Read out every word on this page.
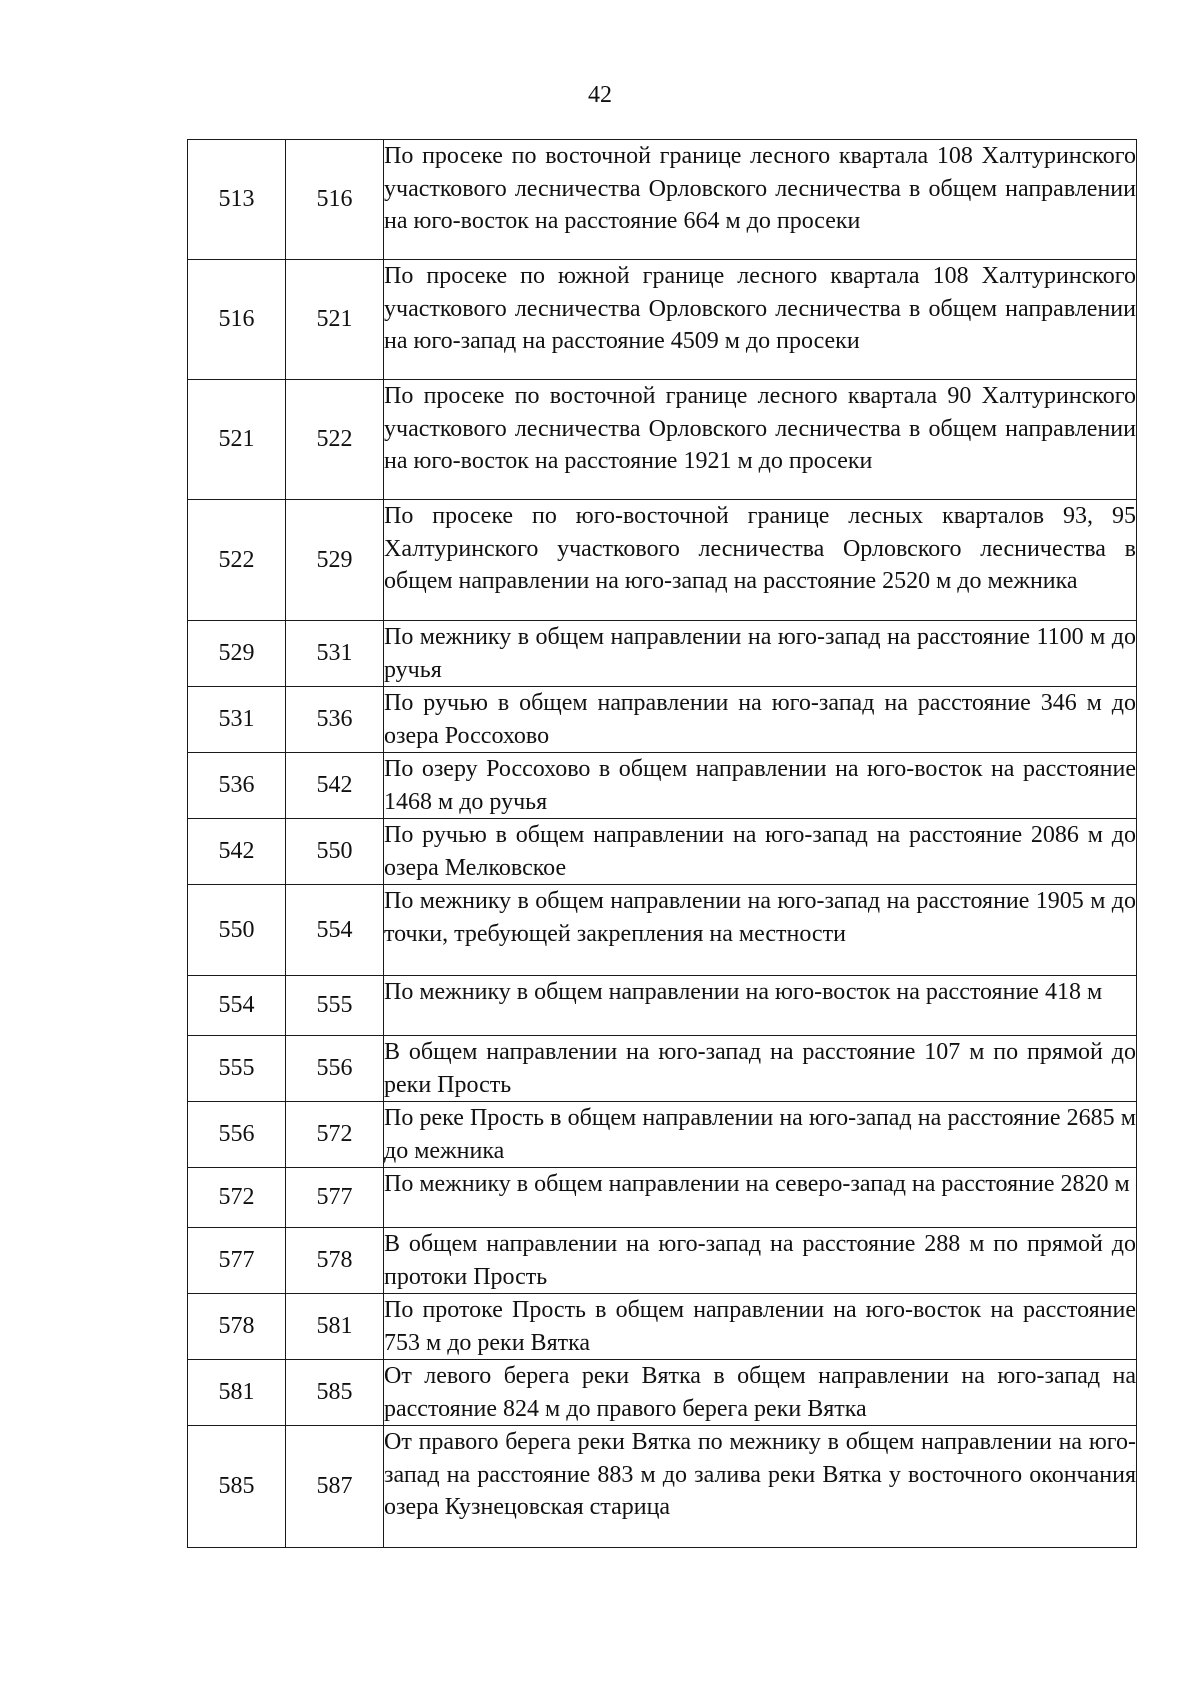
42
513	516	По просеке по восточной границе лесного квартала 108 Халтуринского участкового лесничества Орловского лесничества в общем направлении на юго-восток на расстояние 664 м до просеки
516	521	По просеке по южной границе лесного квартала 108 Халтуринского участкового лесничества Орловского лесничества в общем направлении на юго-запад на расстояние 4509 м до просеки
521	522	По просеке по восточной границе лесного квартала 90 Халтуринского участкового лесничества Орловского лесничества в общем направлении на юго-восток на расстояние 1921 м до просеки
522	529	По просеке по юго-восточной границе лесных кварталов 93, 95 Халтуринского участкового лесничества Орловского лесничества в общем направлении на юго-запад на расстояние 2520 м до межника
529	531	По межнику в общем направлении на юго-запад на расстояние 1100 м до ручья
531	536	По ручью в общем направлении на юго-запад на расстояние 346 м до озера Россохово
536	542	По озеру Россохово в общем направлении на юго-восток на расстояние 1468 м до ручья
542	550	По ручью в общем направлении на юго-запад на расстояние 2086 м до озера Мелковское
550	554	По межнику в общем направлении на юго-запад на расстояние 1905 м до точки, требующей закрепления на местности
554	555	По межнику в общем направлении на юго-восток на расстояние 418 м
555	556	В общем направлении на юго-запад на расстояние 107 м по прямой до реки Прость
556	572	По реке Прость в общем направлении на юго-запад на расстояние 2685 м до межника
572	577	По межнику в общем направлении на северо-запад на расстояние 2820 м
577	578	В общем направлении на юго-запад на расстояние 288 м по прямой до протоки Прость
578	581	По протоке Прость в общем направлении на юго-восток на расстояние 753 м до реки Вятка
581	585	От левого берега реки Вятка в общем направлении на юго-запад на расстояние 824 м до правого берега реки Вятка
585	587	От правого берега реки Вятка по межнику в общем направлении на юго-запад на расстояние 883 м до залива реки Вятка у восточного окончания озера Кузнецовская старица
